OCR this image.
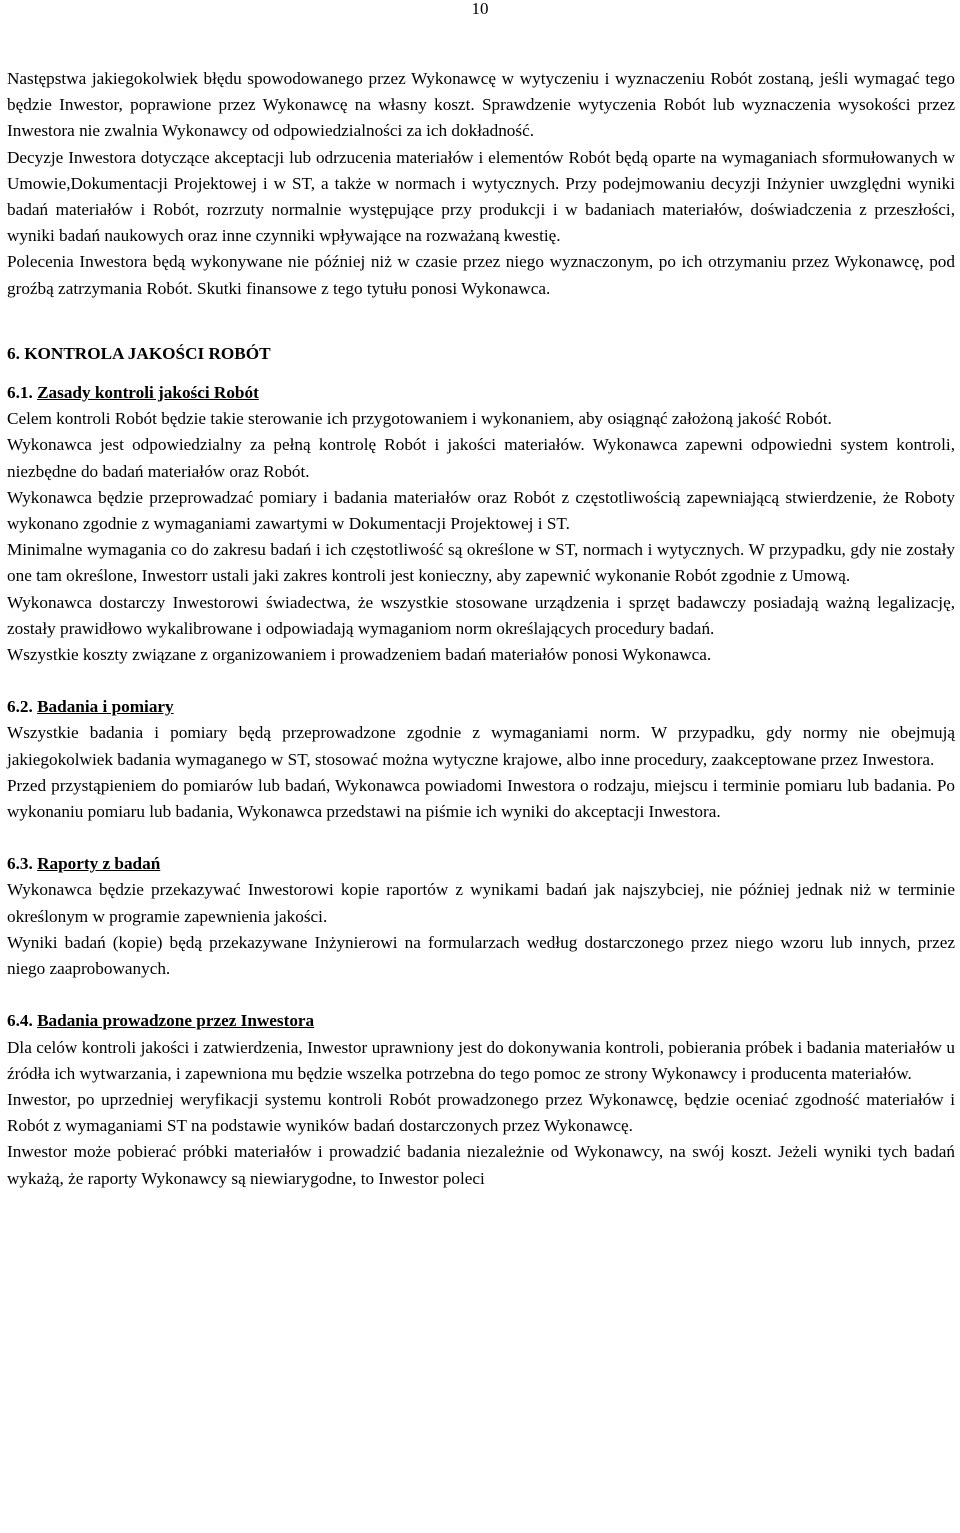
10

Następstwa jakiegokolwiek błędu spowodowanego przez Wykonawcę w wytyczeniu i wyznaczeniu Robót zostaną, jeśli wymagać tego będzie Inwestor, poprawione przez Wykonawcę na własny koszt. Sprawdzenie wytyczenia Robót lub wyznaczenia wysokości przez Inwestora nie zwalnia Wykonawcy od odpowiedzialności za ich dokładność.

Decyzje Inwestora dotyczące akceptacji lub odrzucenia materiałów i elementów Robót będą oparte na wymaganiach sformułowanych w Umowie,Dokumentacji Projektowej i w ST, a także w normach i wytycznych. Przy podejmowaniu decyzji Inżynier uwzględni wyniki badań materiałów i Robót, rozrzuty normalnie występujące przy produkcji i w badaniach materiałów, doświadczenia z przeszłości, wyniki badań naukowych oraz inne czynniki wpływające na rozważaną kwestię.

Polecenia Inwestora będą wykonywane nie później niż w czasie przez niego wyznaczonym, po ich otrzymaniu przez Wykonawcę, pod groźbą zatrzymania Robót. Skutki finansowe z tego tytułu ponosi Wykonawca.

6. KONTROLA JAKOŚCI ROBÓT

6.1. Zasady kontroli jakości Robót

Celem kontroli Robót będzie takie sterowanie ich przygotowaniem i wykonaniem, aby osiągnąć założoną jakość Robót.

Wykonawca jest odpowiedzialny za pełną kontrolę Robót i jakości materiałów. Wykonawca zapewni odpowiedni system kontroli, niezbędne do badań materiałów oraz Robót.

Wykonawca będzie przeprowadzać pomiary i badania materiałów oraz Robót z częstotliwością zapewniającą stwierdzenie, że Roboty wykonano zgodnie z wymaganiami zawartymi w Dokumentacji Projektowej i ST.

Minimalne wymagania co do zakresu badań i ich częstotliwość są określone w ST, normach i wytycznych. W przypadku, gdy nie zostały one tam określone, Inwestorr ustali jaki zakres kontroli jest konieczny, aby zapewnić wykonanie Robót zgodnie z Umową.

Wykonawca dostarczy Inwestorowi świadectwa, że wszystkie stosowane urządzenia i sprzęt badawczy posiadają ważną legalizację, zostały prawidłowo wykalibrowane i odpowiadają wymaganiom norm określających procedury badań.

Wszystkie koszty związane z organizowaniem i prowadzeniem badań materiałów ponosi Wykonawca.

6.2. Badania i pomiary

Wszystkie badania i pomiary będą przeprowadzone zgodnie z wymaganiami norm. W przypadku, gdy normy nie obejmują jakiegokolwiek badania wymaganego w ST, stosować można wytyczne krajowe, albo inne procedury, zaakceptowane przez Inwestora.

Przed przystąpieniem do pomiarów lub badań, Wykonawca powiadomi Inwestora o rodzaju, miejscu i terminie pomiaru lub badania. Po wykonaniu pomiaru lub badania, Wykonawca przedstawi na piśmie ich wyniki do akceptacji Inwestora.

6.3. Raporty z badań

Wykonawca będzie przekazywać Inwestorowi kopie raportów z wynikami badań jak najszybciej, nie później jednak niż w terminie określonym w programie zapewnienia jakości.

Wyniki badań (kopie) będą przekazywane Inżynierowi na formularzach według dostarczonego przez niego wzoru lub innych, przez niego zaaprobowanych.

6.4. Badania prowadzone przez Inwestora

Dla celów kontroli jakości i zatwierdzenia, Inwestor uprawniony jest do dokonywania kontroli, pobierania próbek i badania materiałów u źródła ich wytwarzania, i zapewniona mu będzie wszelka potrzebna do tego pomoc ze strony Wykonawcy i producenta materiałów.

Inwestor, po uprzedniej weryfikacji systemu kontroli Robót prowadzonego przez Wykonawcę, będzie oceniać zgodność materiałów i Robót z wymaganiami ST na podstawie wyników badań dostarczonych przez Wykonawcę.

Inwestor może pobierać próbki materiałów i prowadzić badania niezależnie od Wykonawcy, na swój koszt. Jeżeli wyniki tych badań wykażą, że raporty Wykonawcy są niewiarygodne, to Inwestor poleci
